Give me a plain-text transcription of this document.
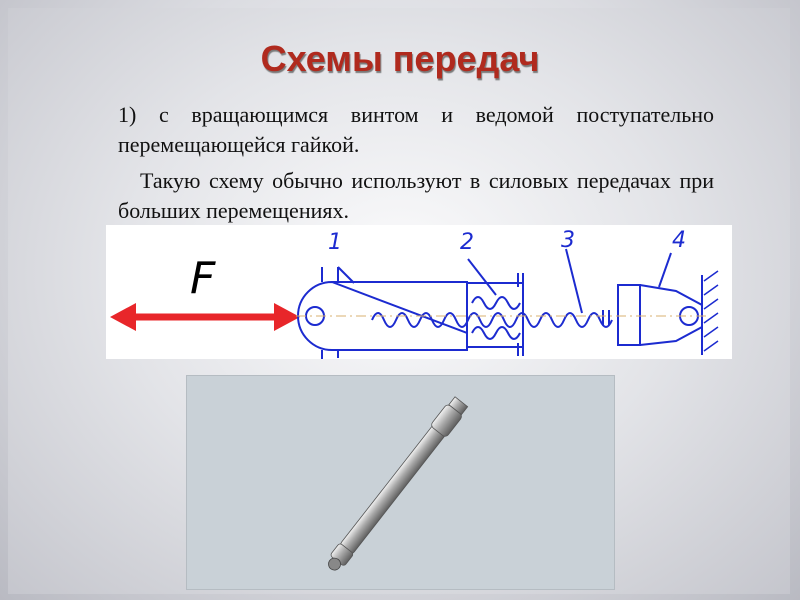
Схемы передач

1) с вращающимся винтом и ведомой поступательно перемещающейся гайкой.

Такую схему обычно используют в силовых передачах при больших перемещениях.

F
1	2	3	4
